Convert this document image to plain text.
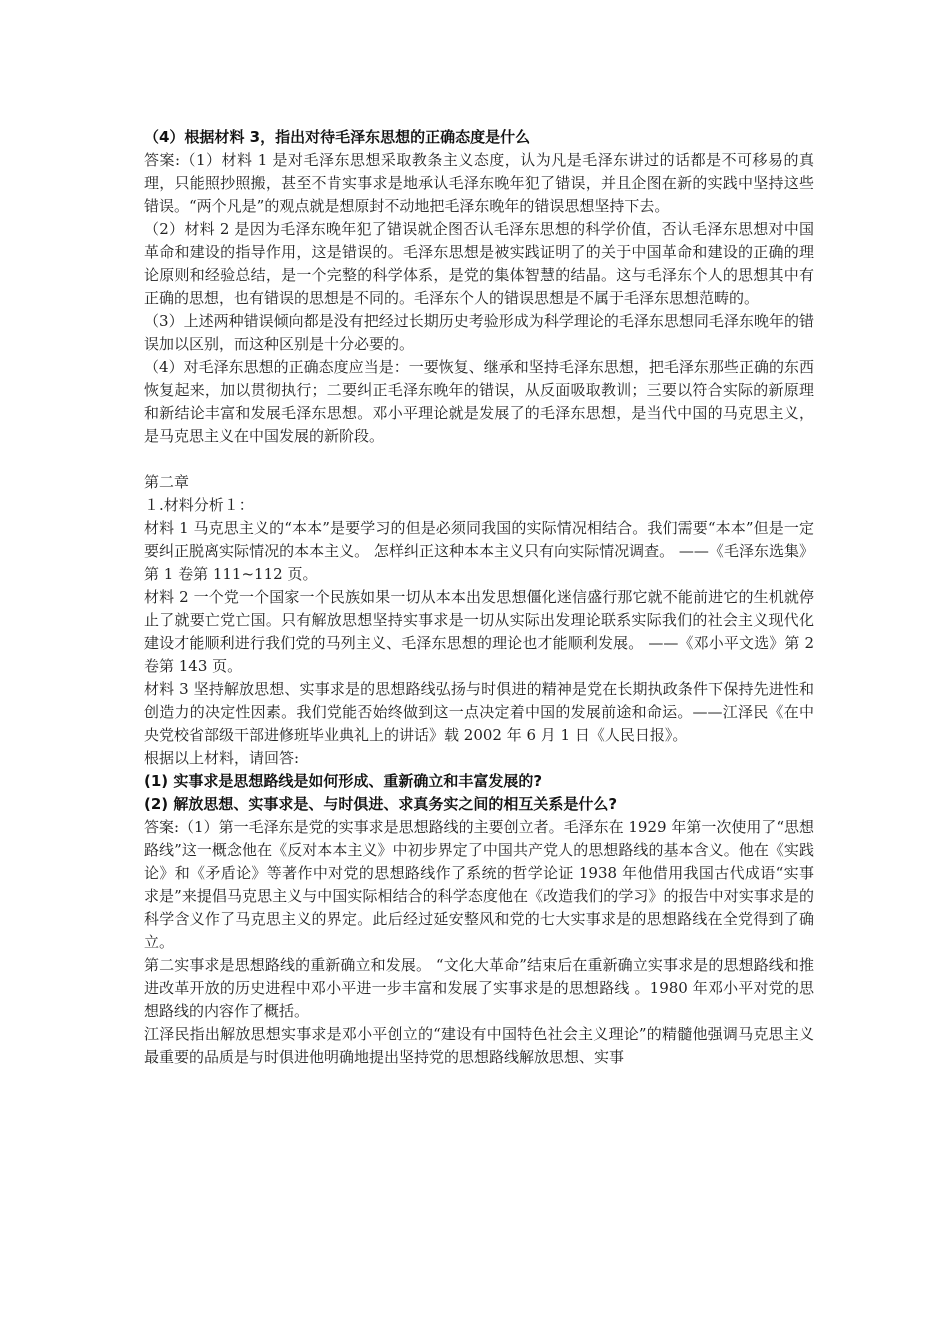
（4）根据材料 3，指出对待毛泽东思想的正确态度是什么

答案:（1）材料 1 是对毛泽东思想采取教条主义态度，认为凡是毛泽东讲过的话都是不可移易的真理，只能照抄照搬，甚至不肯实事求是地承认毛泽东晚年犯了错误，并且企图在新的实践中坚持这些错误。“两个凡是”的观点就是想原封不动地把毛泽东晚年的错误思想坚持下去。

（2）材料 2 是因为毛泽东晚年犯了错误就企图否认毛泽东思想的科学价值，否认毛泽东思想对中国革命和建设的指导作用，这是错误的。毛泽东思想是被实践证明了的关于中国革命和建设的正确的理论原则和经验总结，是一个完整的科学体系，是党的集体智慧的结晶。这与毛泽东个人的思想其中有正确的思想，也有错误的思想是不同的。毛泽东个人的错误思想是不属于毛泽东思想范畴的。

（3）上述两种错误倾向都是没有把经过长期历史考验形成为科学理论的毛泽东思想同毛泽东晚年的错误加以区别，而这种区别是十分必要的。

（4）对毛泽东思想的正确态度应当是：一要恢复、继承和坚持毛泽东思想，把毛泽东那些正确的东西恢复起来，加以贯彻执行；二要纠正毛泽东晚年的错误，从反面吸取教训；三要以符合实际的新原理和新结论丰富和发展毛泽东思想。邓小平理论就是发展了的毛泽东思想，是当代中国的马克思主义，是马克思主义在中国发展的新阶段。

第二章

１.材料分析１：

材料 1 马克思主义的“本本”是要学习的但是必须同我国的实际情况相结合。我们需要“本本”但是一定要纠正脱离实际情况的本本主义。 怎样纠正这种本本主义只有向实际情况调查。 ——《毛泽东选集》第 1 卷第 111~112 页。

材料 2 一个党一个国家一个民族如果一切从本本出发思想僵化迷信盛行那它就不能前进它的生机就停止了就要亡党亡国。只有解放思想坚持实事求是一切从实际出发理论联系实际我们的社会主义现代化建设才能顺利进行我们党的马列主义、毛泽东思想的理论也才能顺利发展。 ——《邓小平文选》第 2 卷第 143 页。

材料 3 坚持解放思想、实事求是的思想路线弘扬与时俱进的精神是党在长期执政条件下保持先进性和创造力的决定性因素。我们党能否始终做到这一点决定着中国的发展前途和命运。——江泽民《在中央党校省部级干部进修班毕业典礼上的讲话》载 2002 年 6 月 1 日《人民日报》。

根据以上材料，请回答:

(1) 实事求是思想路线是如何形成、重新确立和丰富发展的?

(2) 解放思想、实事求是、与时俱进、求真务实之间的相互关系是什么?

答案:（1）第一毛泽东是党的实事求是思想路线的主要创立者。毛泽东在 1929 年第一次使用了“思想路线”这一概念他在《反对本本主义》中初步界定了中国共产党人的思想路线的基本含义。他在《实践论》和《矛盾论》等著作中对党的思想路线作了系统的哲学论证 1938 年他借用我国古代成语“实事求是”来提倡马克思主义与中国实际相结合的科学态度他在《改造我们的学习》的报告中对实事求是的科学含义作了马克思主义的界定。此后经过延安整风和党的七大实事求是的思想路线在全党得到了确立。

第二实事求是思想路线的重新确立和发展。 “文化大革命”结束后在重新确立实事求是的思想路线和推进改革开放的历史进程中邓小平进一步丰富和发展了实事求是的思想路线 。1980 年邓小平对党的思想路线的内容作了概括。

江泽民指出解放思想实事求是邓小平创立的“建设有中国特色社会主义理论”的精髓他强调马克思主义最重要的品质是与时俱进他明确地提出坚持党的思想路线解放思想、实事
